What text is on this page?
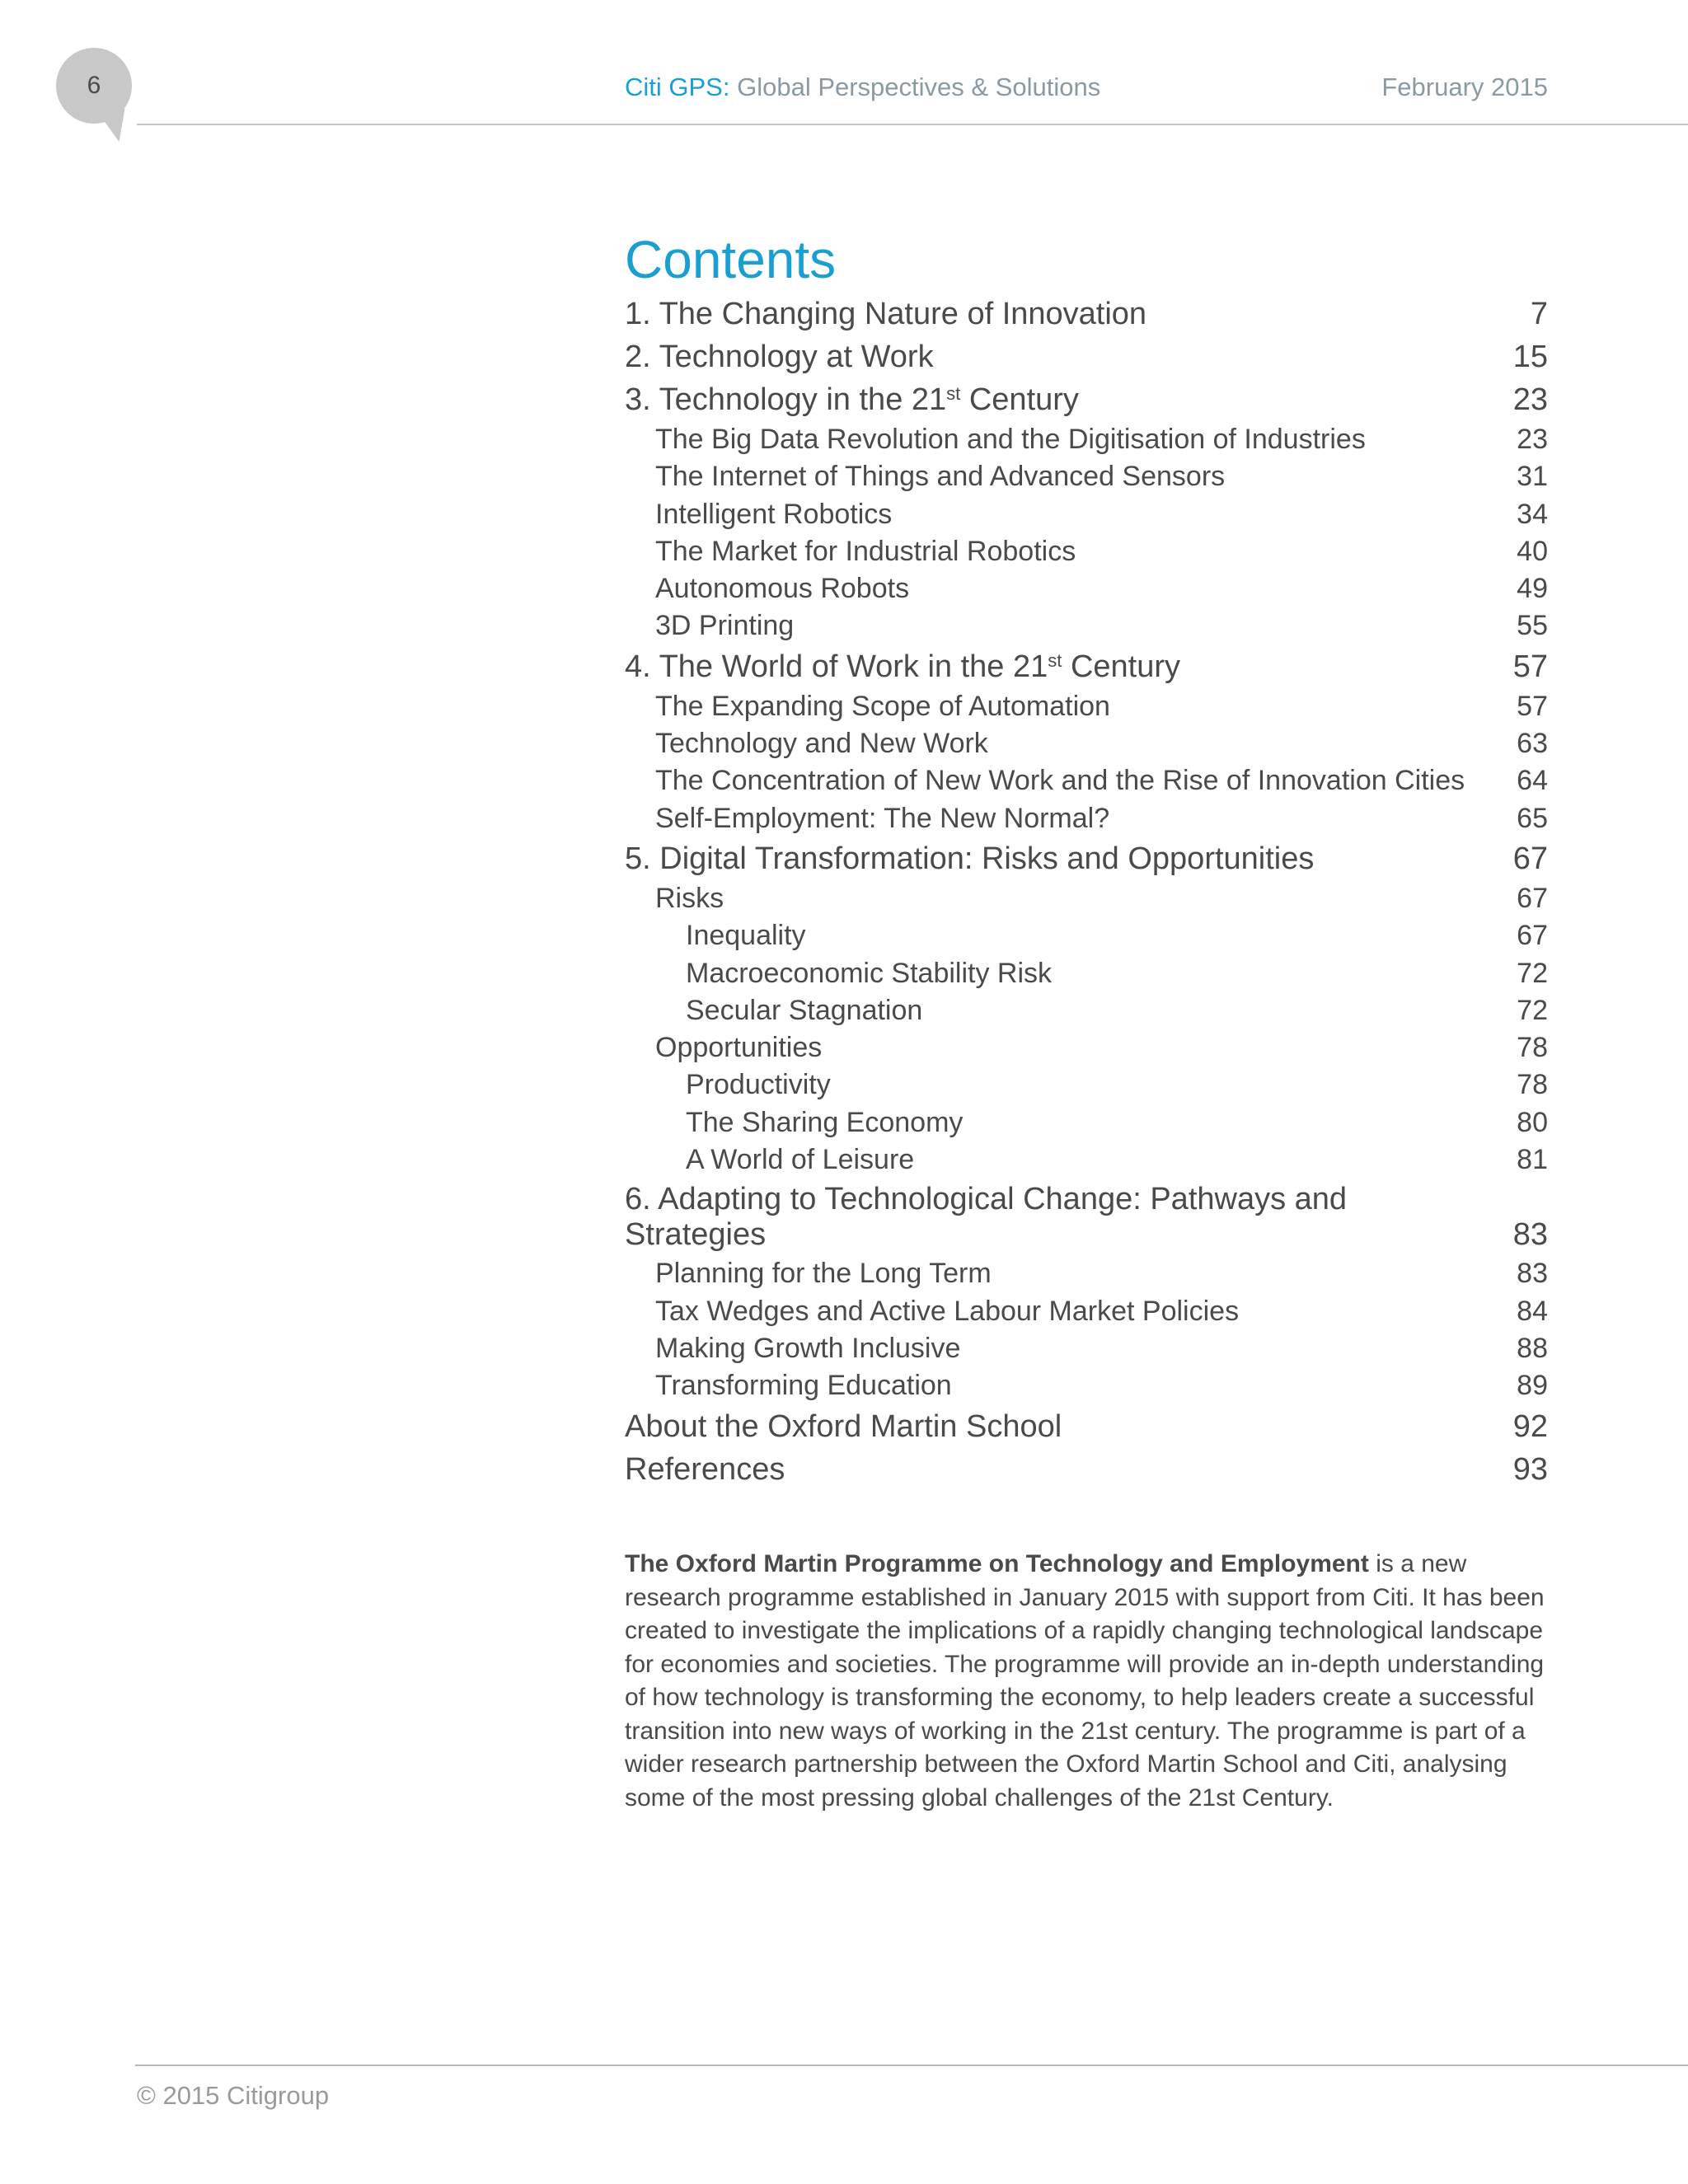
6	Citi GPS: Global Perspectives & Solutions	February 2015
Contents
1. The Changing Nature of Innovation	7
2. Technology at Work	15
3. Technology in the 21st Century	23
The Big Data Revolution and the Digitisation of Industries	23
The Internet of Things and Advanced Sensors	31
Intelligent Robotics	34
The Market for Industrial Robotics	40
Autonomous Robots	49
3D Printing	55
4. The World of Work in the 21st Century	57
The Expanding Scope of Automation	57
Technology and New Work	63
The Concentration of New Work and the Rise of Innovation Cities 64
Self-Employment: The New Normal?	65
5. Digital Transformation: Risks and Opportunities	67
Risks	67
Inequality	67
Macroeconomic Stability Risk	72
Secular Stagnation	72
Opportunities	78
Productivity	78
The Sharing Economy	80
A World of Leisure	81
6. Adapting to Technological Change: Pathways and Strategies	83
Planning for the Long Term	83
Tax Wedges and Active Labour Market Policies	84
Making Growth Inclusive	88
Transforming Education	89
About the Oxford Martin School	92
References	93
The Oxford Martin Programme on Technology and Employment is a new research programme established in January 2015 with support from Citi. It has been created to investigate the implications of a rapidly changing technological landscape for economies and societies. The programme will provide an in-depth understanding of how technology is transforming the economy, to help leaders create a successful transition into new ways of working in the 21st century. The programme is part of a wider research partnership between the Oxford Martin School and Citi, analysing some of the most pressing global challenges of the 21st Century.
© 2015 Citigroup
